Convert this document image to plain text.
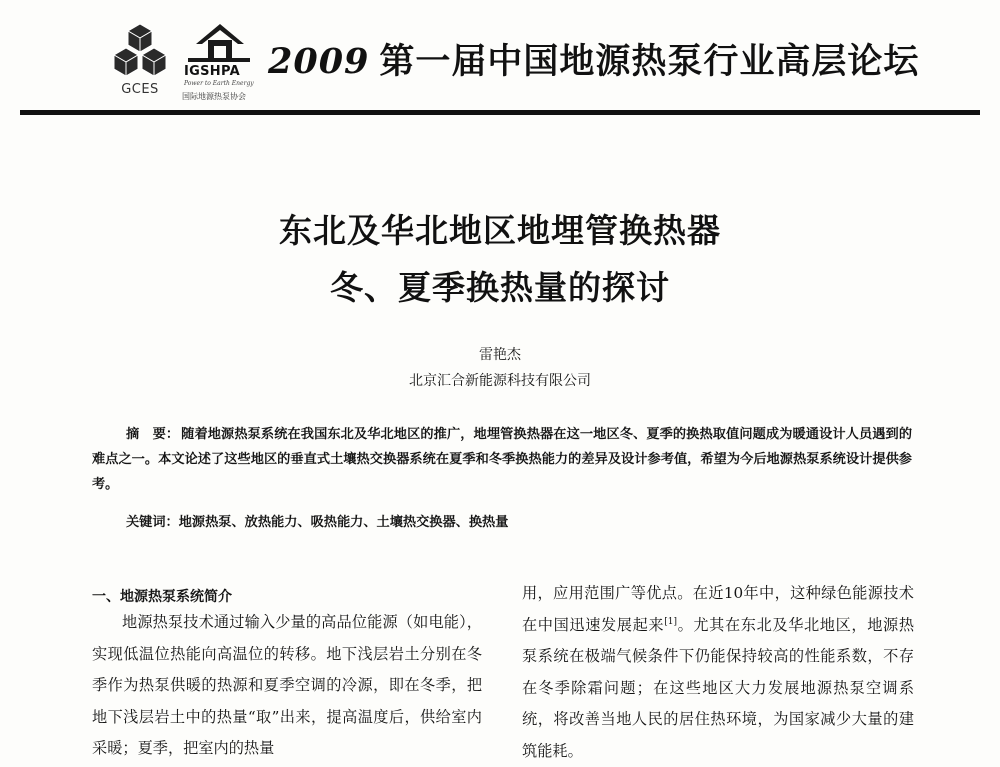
GCES
IGSHPA
Power to Earth Energy
国际地源热泵协会
2009 第一届中国地源热泵行业高层论坛
东北及华北地区地埋管换热器
冬、夏季换热量的探讨
雷艳杰
北京汇合新能源科技有限公司
摘　要： 随着地源热泵系统在我国东北及华北地区的推广，地埋管换热器在这一地区冬、夏季的换热取值问题成为暖通设计人员遇到的难点之一。本文论述了这些地区的垂直式土壤热交换器系统在夏季和冬季换热能力的差异及设计参考值，希望为今后地源热泵系统设计提供参考。
关键词：地源热泵、放热能力、吸热能力、土壤热交换器、换热量
一、地源热泵系统简介
地源热泵技术通过输入少量的高品位能源（如电能），实现低温位热能向高温位的转移。地下浅层岩土分别在冬季作为热泵供暖的热源和夏季空调的冷源，即在冬季，把地下浅层岩土中的热量“取”出来，提高温度后，供给室内采暖；夏季，把室内的热量
用，应用范围广等优点。在近10年中，这种绿色能源技术在中国迅速发展起来[1]。尤其在东北及华北地区，地源热泵系统在极端气候条件下仍能保持较高的性能系数，不存在冬季除霜问题；在这些地区大力发展地源热泵空调系统，将改善当地人民的居住热环境，为国家减少大量的建筑能耗。
